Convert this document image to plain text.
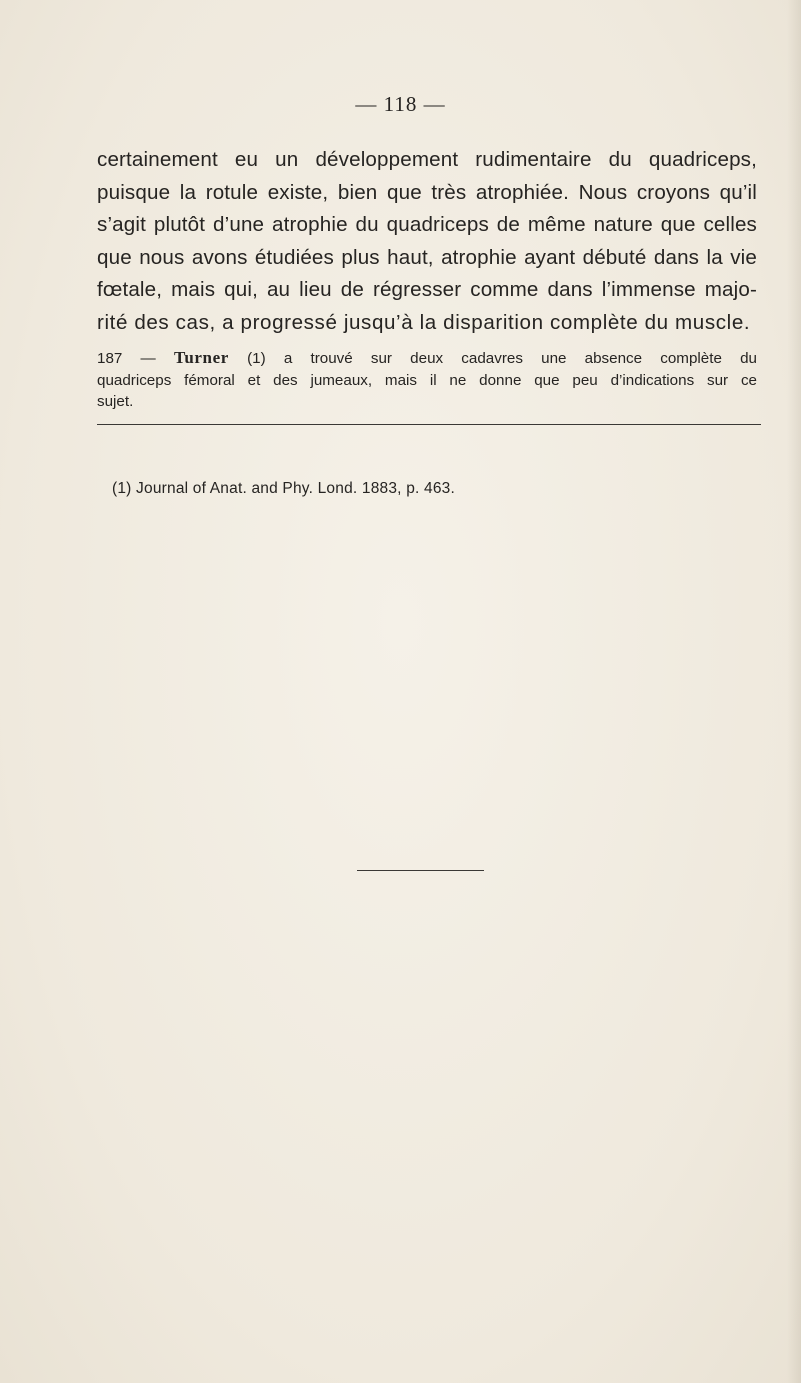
— 118 —

certainement eu un développement rudimentaire du quadriceps,
puisque la rotule existe, bien que très atrophiée. Nous croyons qu’il
s’agit plutôt d’une atrophie du quadriceps de même nature que celles
que nous avons étudiées plus haut, atrophie ayant débuté dans la vie
fœtale, mais qui, au lieu de régresser comme dans l’immense majo-
rité des cas, a progressé jusqu’à la disparition complète du muscle.

187 — Turner (1) a trouvé sur deux cadavres une absence complète du
quadriceps fémoral et des jumeaux, mais il ne donne que peu d’indications sur ce
sujet.

(1) Journal of Anat. and Phy. Lond. 1883, p. 463.
